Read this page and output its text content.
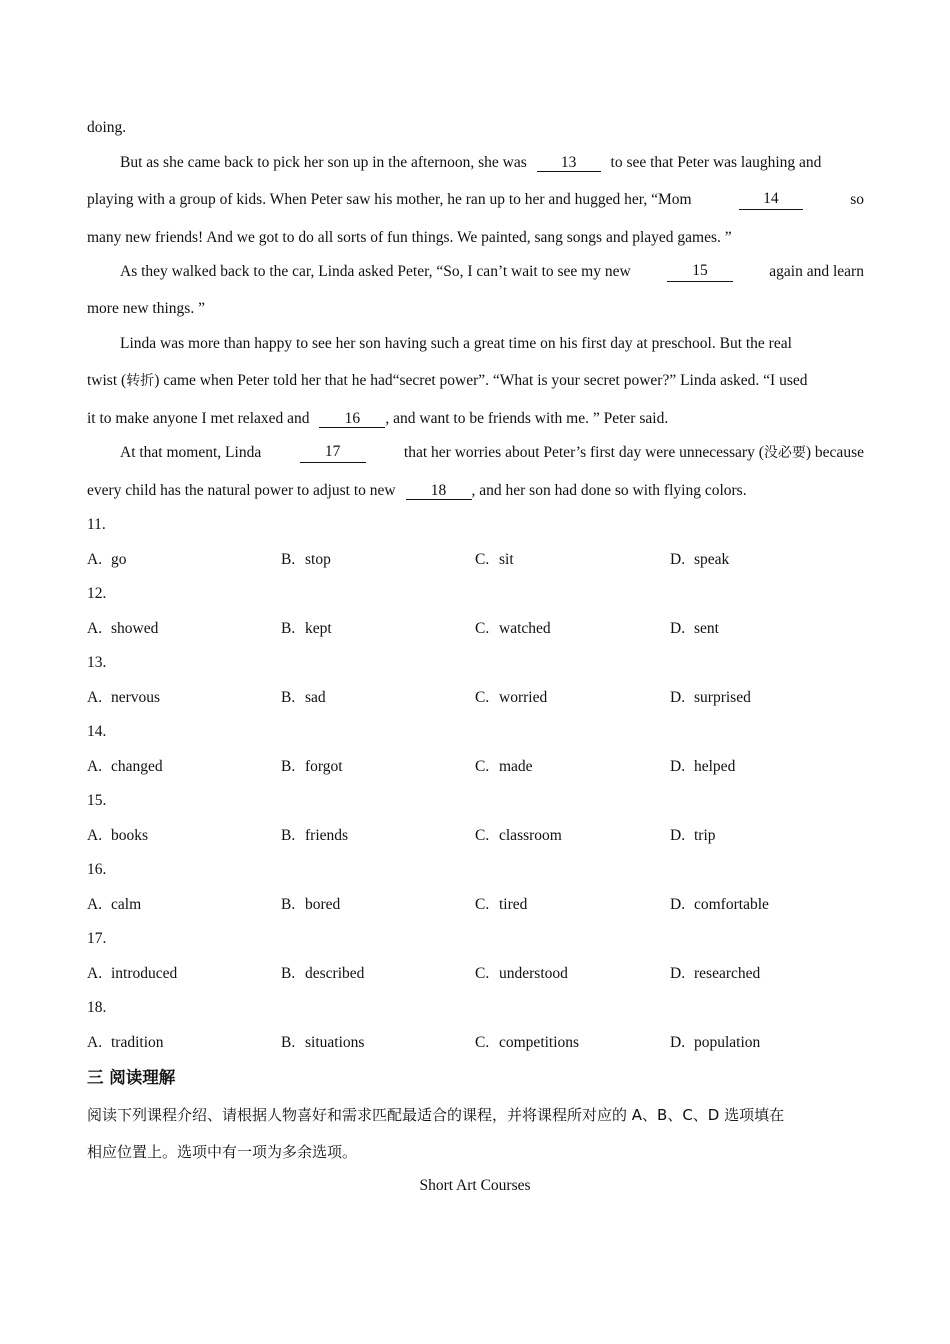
doing.
But as she came back to pick her son up in the afternoon, she was 13 to see that Peter was laughing and
playing with a group of kids. When Peter saw his mother, he ran up to her and hugged her, “Mom	14	so
many new friends! And we got to do all sorts of fun things. We painted, sang songs and played games. ”
As they walked back to the car, Linda asked Peter, “So, I can’t wait to see my new	15	again and learn
more new things. ”
Linda was more than happy to see her son having such a great time on his first day at preschool. But the real
twist (转折) came when Peter told her that he had“secret power”. “What is your secret power?” Linda asked. “I used
it to make anyone I met relaxed and 16 , and want to be friends with me. ” Peter said.
At that moment, Linda	17	that her worries about Peter’s first day were unnecessary (没必要) because
every child has the natural power to adjust to new 18 , and her son had done so with flying colors.
11.
A. go	B. stop	C. sit	D. speak
12.
A. showed	B. kept	C. watched	D. sent
13.
A. nervous	B. sad	C. worried	D. surprised
14.
A. changed	B. forgot	C. made	D. helped
15.
A. books	B. friends	C. classroom	D. trip
16.
A. calm	B. bored	C. tired	D. comfortable
17.
A. introduced	B. described	C. understood	D. researched
18.
A. tradition	B. situations	C. competitions	D. population
三 阅读理解
阅读下列课程介绍、请根据人物喜好和需求匹配最适合的课程，并将课程所对应的 A、B、C、D 选项填在
相应位置上。选项中有一项为多余选项。
Short Art Courses
